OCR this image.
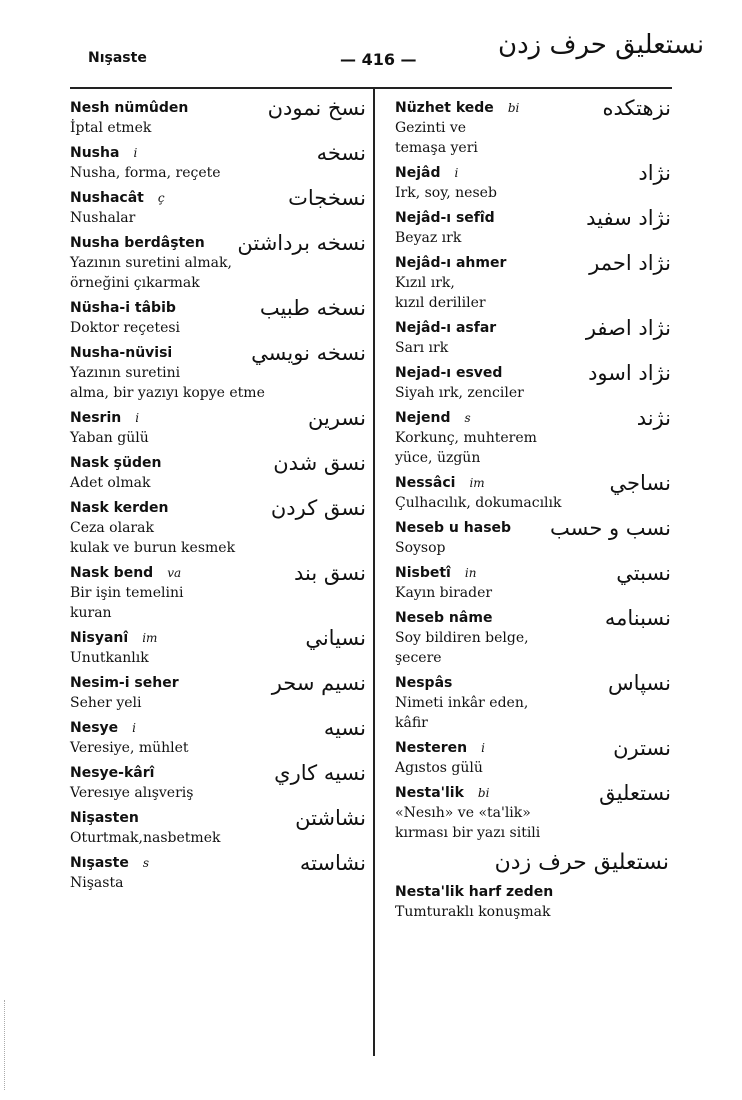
Nışaste	— 416 —	نستعليق حرف زدن
Nesh nümûden
İptal etmek
نسخ نمودن
Nusha i
Nusha, forma, reçete
نسخه
Nushacât ç
Nushalar
نسخجات
Nusha berdâşten
Yazının suretini almak,
örneğini çıkarmak
نسخه برداشتن
Nüsha-i tâbib
Doktor reçetesi
نسخه طبيب
Nusha-nüvisi
Yazının suretini
alma, bir yazıyı kopye etme
نسخه نويسي
Nesrin i
Yaban gülü
نسرين
Nask şüden
Adet olmak
نسق شدن
Nask kerden
Ceza olarak
kulak ve burun kesmek
نسق كردن
Nask bend va
Bir işin temelini
kuran
نسق بند
Nisyanî im
Unutkanlık
نسياني
Nesim-i seher
Seher yeli
نسيم سحر
Nesye i
Veresiye, mühlet
نسيه
Nesye-kârî
Veresıye alışveriş
نسيه كاري
Nişasten
Oturtmak,nasbetmek
نشاشتن
Nışaste s
Nişasta
نشاسته
Nüzhet kede bi
Gezinti ve
temaşa yeri
نزهتكده
Nejâd i
Irk, soy, neseb
نژاد
Nejâd-ı sefîd
Beyaz ırk
نژاد سفيد
Nejâd-ı ahmer
Kızıl ırk,
kızıl derililer
نژاد احمر
Nejâd-ı asfar
Sarı ırk
نژاد اصفر
Nejad-ı esved
Siyah ırk, zenciler
نژاد اسود
Nejend s
Korkunç, muhterem
yüce, üzgün
نژند
Nessâci im
Çulhacılık, dokumacılık
نساجي
Neseb u haseb
Soysop
نسب و حسب
Nisbetî in
Kayın birader
نسبتي
Neseb nâme
Soy bildiren belge,
şecere
نسبنامه
Nespâs
Nimeti inkâr eden,
kâfir
نسپاس
Nesteren i
Agıstos gülü
نسترن
Nesta'lik bi
«Nesıh» ve «ta'lik»
kırması bir yazı sitili
نستعليق
نستعليق حرف زدن
Nesta'lik harf zeden
Tumturaklı konuşmak
